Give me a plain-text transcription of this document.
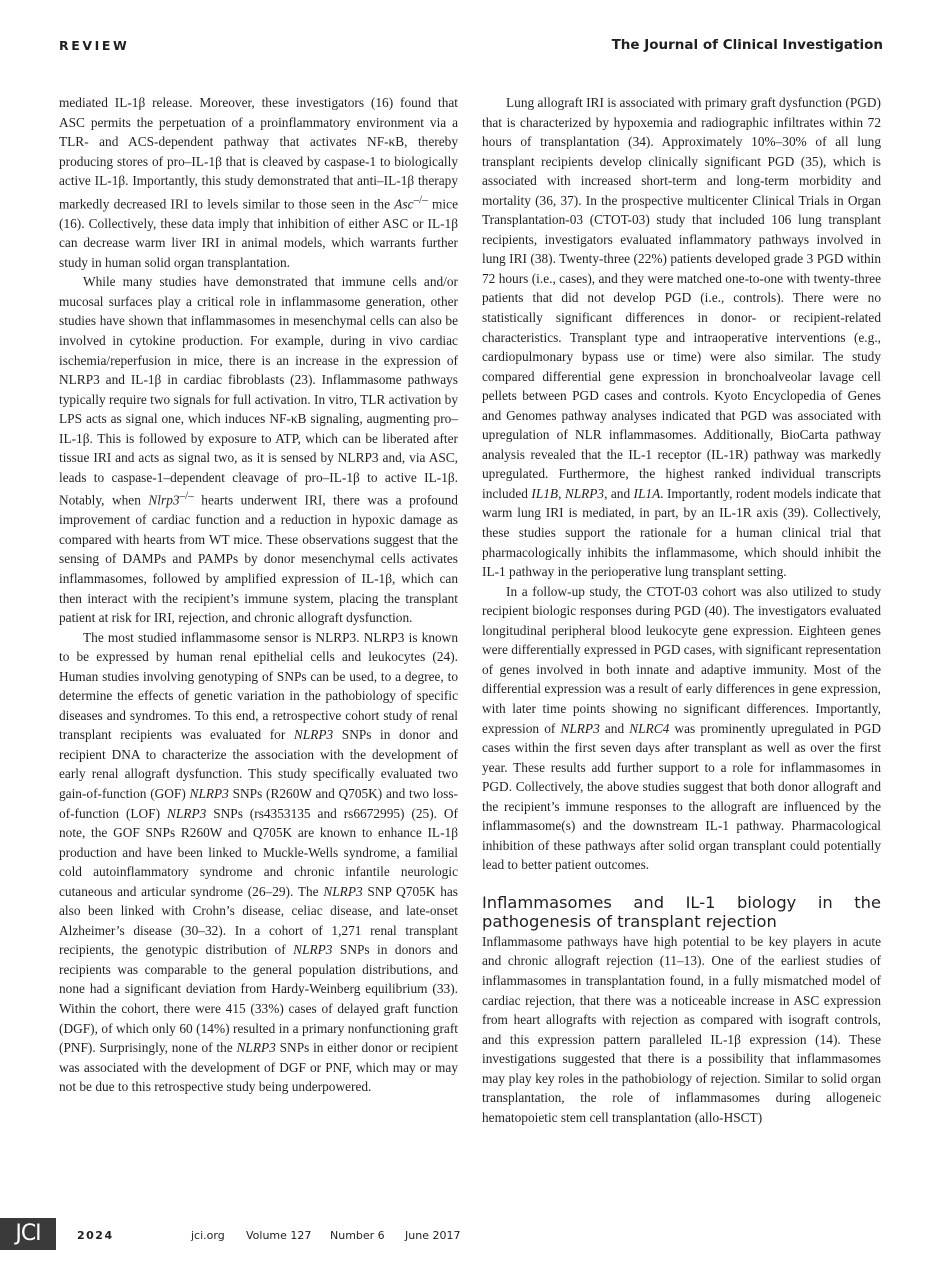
REVIEW	The Journal of Clinical Investigation

mediated IL-1β release. Moreover, these investigators (16) found that ASC permits the perpetuation of a proinflammatory environment via a TLR- and ACS-dependent pathway that activates NF-κB, thereby producing stores of pro–IL-1β that is cleaved by caspase-1 to biologically active IL-1β. Importantly, this study demonstrated that anti–IL-1β therapy markedly decreased IRI to levels similar to those seen in the Asc–/– mice (16). Collectively, these data imply that inhibition of either ASC or IL-1β can decrease warm liver IRI in animal models, which warrants further study in human solid organ transplantation.

While many studies have demonstrated that immune cells and/or mucosal surfaces play a critical role in inflammasome generation, other studies have shown that inflammasomes in mesenchymal cells can also be involved in cytokine production. For example, during in vivo cardiac ischemia/reperfusion in mice, there is an increase in the expression of NLRP3 and IL-1β in cardiac fibroblasts (23). Inflammasome pathways typically require two signals for full activation. In vitro, TLR activation by LPS acts as signal one, which induces NF-κB signaling, augmenting pro–IL-1β. This is followed by exposure to ATP, which can be liberated after tissue IRI and acts as signal two, as it is sensed by NLRP3 and, via ASC, leads to caspase-1–dependent cleavage of pro–IL-1β to active IL-1β. Notably, when Nlrp3–/– hearts underwent IRI, there was a profound improvement of cardiac function and a reduction in hypoxic damage as compared with hearts from WT mice. These observations suggest that the sensing of DAMPs and PAMPs by donor mesenchymal cells activates inflammasomes, followed by amplified expression of IL-1β, which can then interact with the recipient’s immune system, placing the transplant patient at risk for IRI, rejection, and chronic allograft dysfunction.

The most studied inflammasome sensor is NLRP3. NLRP3 is known to be expressed by human renal epithelial cells and leukocytes (24). Human studies involving genotyping of SNPs can be used, to a degree, to determine the effects of genetic variation in the pathobiology of specific diseases and syndromes. To this end, a retrospective cohort study of renal transplant recipients was evaluated for NLRP3 SNPs in donor and recipient DNA to characterize the association with the development of early renal allograft dysfunction. This study specifically evaluated two gain-of-function (GOF) NLRP3 SNPs (R260W and Q705K) and two loss-of-function (LOF) NLRP3 SNPs (rs4353135 and rs6672995) (25). Of note, the GOF SNPs R260W and Q705K are known to enhance IL-1β production and have been linked to Muckle-Wells syndrome, a familial cold autoinflammatory syndrome and chronic infantile neurologic cutaneous and articular syndrome (26–29). The NLRP3 SNP Q705K has also been linked with Crohn’s disease, celiac disease, and late-onset Alzheimer’s disease (30–32). In a cohort of 1,271 renal transplant recipients, the genotypic distribution of NLRP3 SNPs in donors and recipients was comparable to the general population distributions, and none had a significant deviation from Hardy-Weinberg equilibrium (33). Within the cohort, there were 415 (33%) cases of delayed graft function (DGF), of which only 60 (14%) resulted in a primary nonfunctioning graft (PNF). Surprisingly, none of the NLRP3 SNPs in either donor or recipient was associated with the development of DGF or PNF, which may or may not be due to this retrospective study being underpowered.

Lung allograft IRI is associated with primary graft dysfunction (PGD) that is characterized by hypoxemia and radiographic infiltrates within 72 hours of transplantation (34). Approximately 10%–30% of all lung transplant recipients develop clinically significant PGD (35), which is associated with increased short-term and long-term morbidity and mortality (36, 37). In the prospective multicenter Clinical Trials in Organ Transplantation-03 (CTOT-03) study that included 106 lung transplant recipients, investigators evaluated inflammatory pathways involved in lung IRI (38). Twenty-three (22%) patients developed grade 3 PGD within 72 hours (i.e., cases), and they were matched one-to-one with twenty-three patients that did not develop PGD (i.e., controls). There were no statistically significant differences in donor- or recipient-related characteristics. Transplant type and intraoperative interventions (e.g., cardiopulmonary bypass use or time) were also similar. The study compared differential gene expression in bronchoalveolar lavage cell pellets between PGD cases and controls. Kyoto Encyclopedia of Genes and Genomes pathway analyses indicated that PGD was associated with upregulation of NLR inflammasomes. Additionally, BioCarta pathway analysis revealed that the IL-1 receptor (IL-1R) pathway was markedly upregulated. Furthermore, the highest ranked individual transcripts included IL1B, NLRP3, and IL1A. Importantly, rodent models indicate that warm lung IRI is mediated, in part, by an IL-1R axis (39). Collectively, these studies support the rationale for a human clinical trial that pharmacologically inhibits the inflammasome, which should inhibit the IL-1 pathway in the perioperative lung transplant setting.

In a follow-up study, the CTOT-03 cohort was also utilized to study recipient biologic responses during PGD (40). The investigators evaluated longitudinal peripheral blood leukocyte gene expression. Eighteen genes were differentially expressed in PGD cases, with significant representation of genes involved in both innate and adaptive immunity. Most of the differential expression was a result of early differences in gene expression, with later time points showing no significant differences. Importantly, expression of NLRP3 and NLRC4 was prominently upregulated in PGD cases within the first seven days after transplant as well as over the first year. These results add further support to a role for inflammasomes in PGD. Collectively, the above studies suggest that both donor allograft and the recipient’s immune responses to the allograft are influenced by the inflammasome(s) and the downstream IL-1 pathway. Pharmacological inhibition of these pathways after solid organ transplant could potentially lead to better patient outcomes.

Inflammasomes and IL-1 biology in the pathogenesis of transplant rejection

Inflammasome pathways have high potential to be key players in acute and chronic allograft rejection (11–13). One of the earliest studies of inflammasomes in transplantation found, in a fully mismatched model of cardiac rejection, that there was a noticeable increase in ASC expression from heart allografts with rejection as compared with isograft controls, and this expression pattern paralleled IL-1β expression (14). These investigations suggested that there is a possibility that inflammasomes may play key roles in the pathobiology of rejection. Similar to solid organ transplantation, the role of inflammasomes during allogeneic hematopoietic stem cell transplantation (allo-HSCT)

JCI	2024	jci.org Volume 127 Number 6 June 2017
